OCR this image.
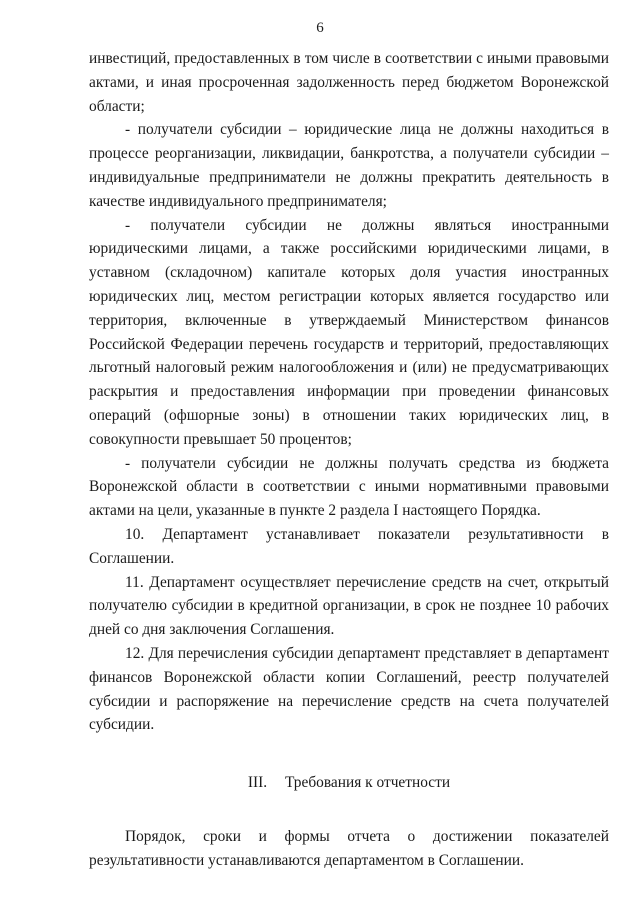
6

инвестиций, предоставленных в том числе в соответствии с иными правовыми актами, и иная просроченная задолженность перед бюджетом Воронежской области;

- получатели субсидии – юридические лица не должны находиться в процессе реорганизации, ликвидации, банкротства, а получатели субсидии – индивидуальные предприниматели не должны прекратить деятельность в качестве индивидуального предпринимателя;

- получатели субсидии не должны являться иностранными юридическими лицами, а также российскими юридическими лицами, в уставном (складочном) капитале которых доля участия иностранных юридических лиц, местом регистрации которых является государство или территория, включенные в утверждаемый Министерством финансов Российской Федерации перечень государств и территорий, предоставляющих льготный налоговый режим налогообложения и (или) не предусматривающих раскрытия и предоставления информации при проведении финансовых операций (офшорные зоны) в отношении таких юридических лиц, в совокупности превышает 50 процентов;

- получатели субсидии не должны получать средства из бюджета Воронежской области в соответствии с иными нормативными правовыми актами на цели, указанные в пункте 2 раздела I настоящего Порядка.

10. Департамент устанавливает показатели результативности в Соглашении.

11. Департамент осуществляет перечисление средств на счет, открытый получателю субсидии в кредитной организации, в срок не позднее 10 рабочих дней со дня заключения Соглашения.

12. Для перечисления субсидии департамент представляет в департамент финансов Воронежской области копии Соглашений, реестр получателей субсидии и распоряжение на перечисление средств на счета получателей субсидии.

III. Требования к отчетности

Порядок, сроки и формы отчета о достижении показателей результативности устанавливаются департаментом в Соглашении.
